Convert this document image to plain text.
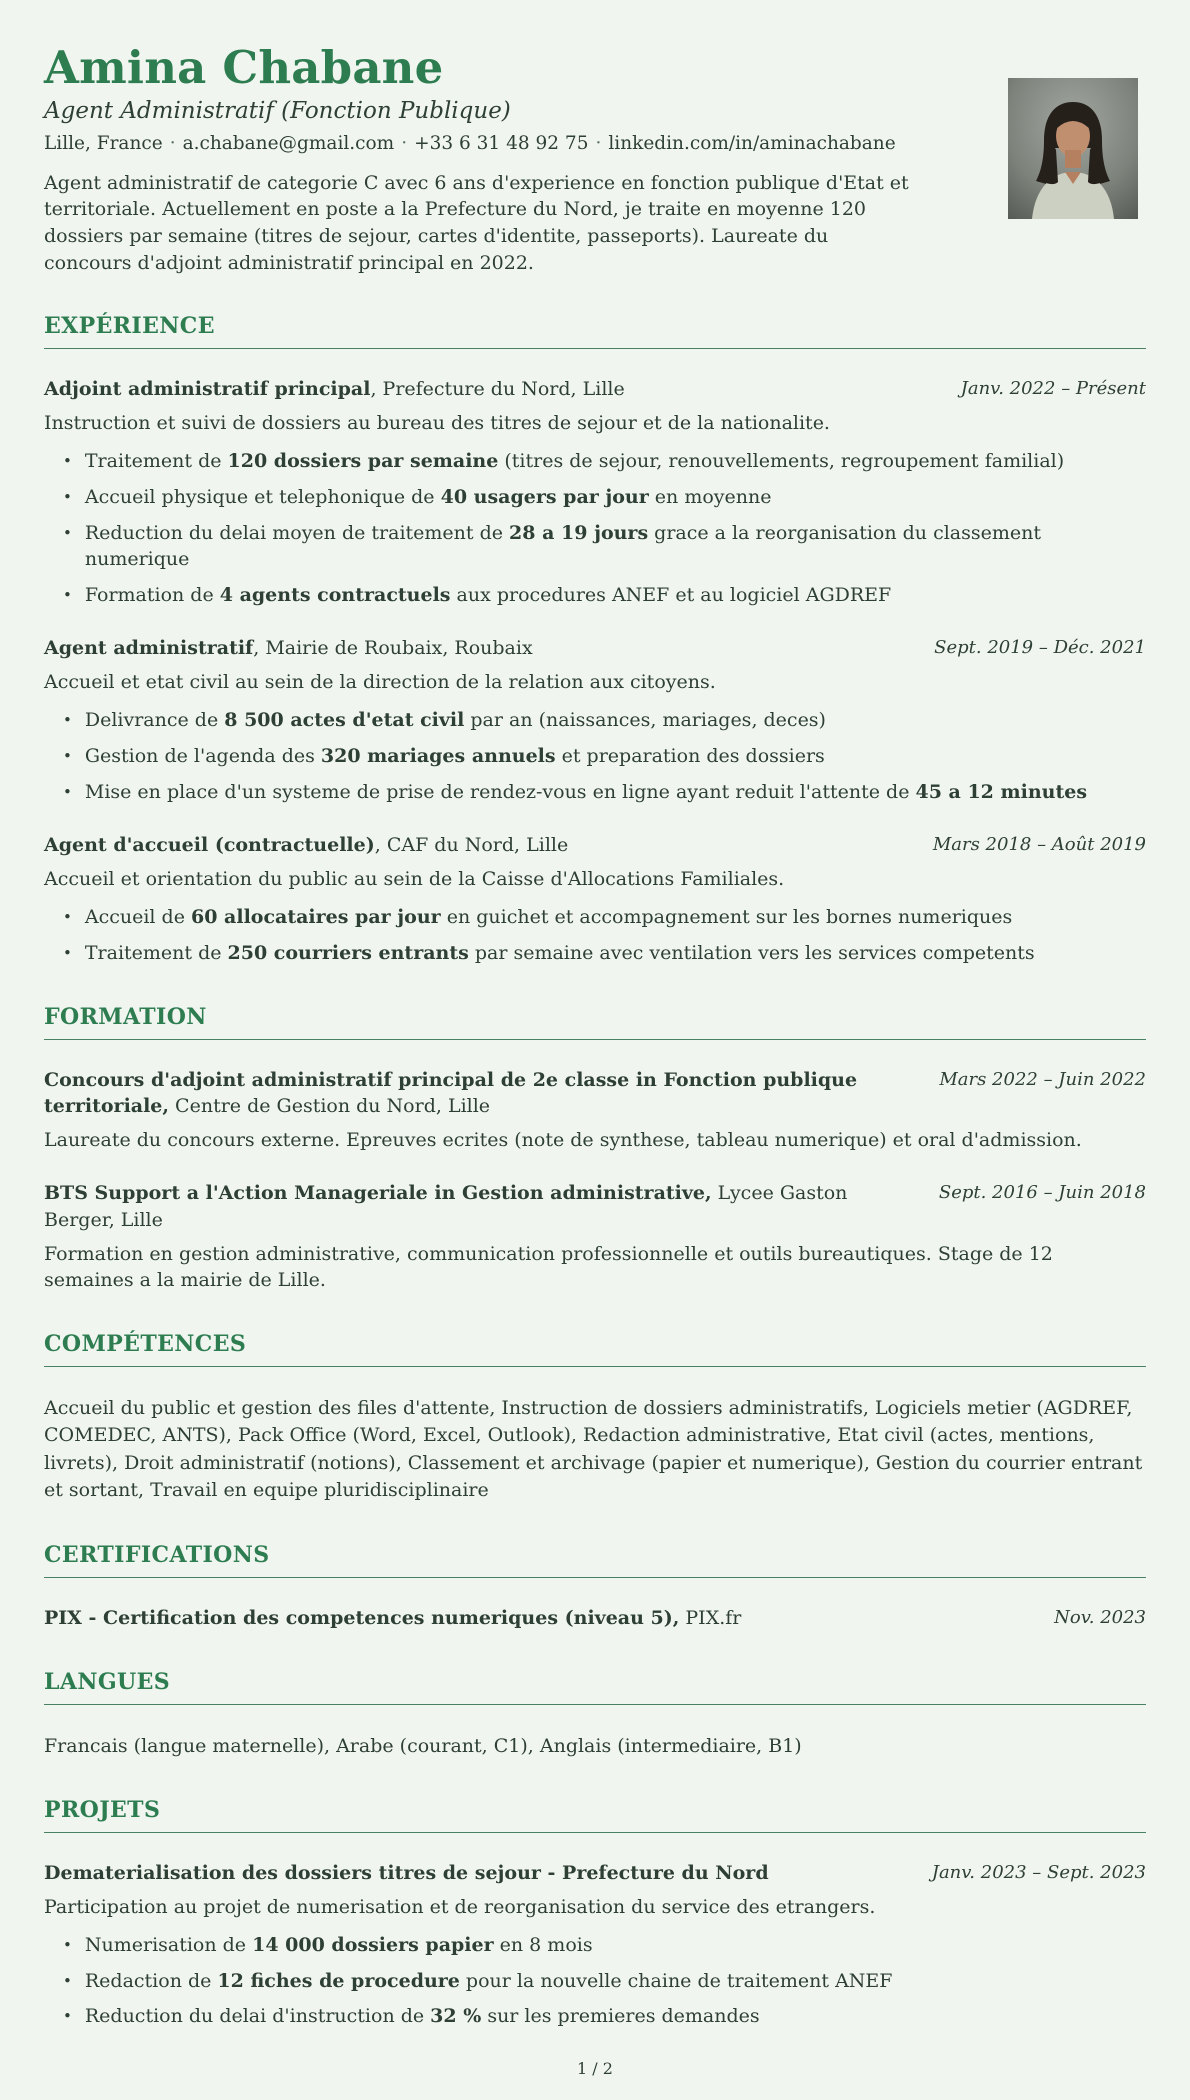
Amina Chabane
Agent Administratif (Fonction Publique)
Lille, France · a.chabane@gmail.com · +33 6 31 48 92 75 · linkedin.com/in/aminachabane

Agent administratif de categorie C avec 6 ans d'experience en fonction publique d'Etat et territoriale. Actuellement en poste a la Prefecture du Nord, je traite en moyenne 120 dossiers par semaine (titres de sejour, cartes d'identite, passeports). Laureate du concours d'adjoint administratif principal en 2022.

EXPÉRIENCE
Adjoint administratif principal, Prefecture du Nord, Lille	Janv. 2022 – Présent

Instruction et suivi de dossiers au bureau des titres de sejour et de la nationalite.

• Traitement de 120 dossiers par semaine (titres de sejour, renouvellements, regroupement familial)
• Accueil physique et telephonique de 40 usagers par jour en moyenne
• Reduction du delai moyen de traitement de 28 a 19 jours grace a la reorganisation du classement numerique
• Formation de 4 agents contractuels aux procedures ANEF et au logiciel AGDREF
Agent administratif, Mairie de Roubaix, Roubaix	Sept. 2019 – Déc. 2021

Accueil et etat civil au sein de la direction de la relation aux citoyens.

• Delivrance de 8 500 actes d'etat civil par an (naissances, mariages, deces)
• Gestion de l'agenda des 320 mariages annuels et preparation des dossiers
• Mise en place d'un systeme de prise de rendez-vous en ligne ayant reduit l'attente de 45 a 12 minutes
Agent d'accueil (contractuelle), CAF du Nord, Lille	Mars 2018 – Août 2019

Accueil et orientation du public au sein de la Caisse d'Allocations Familiales.

• Accueil de 60 allocataires par jour en guichet et accompagnement sur les bornes numeriques
• Traitement de 250 courriers entrants par semaine avec ventilation vers les services competents
FORMATION
Concours d'adjoint administratif principal de 2e classe in Fonction publique territoriale, Centre de Gestion du Nord, Lille
Mars 2022 – Juin 2022

Laureate du concours externe. Epreuves ecrites (note de synthese, tableau numerique) et oral d'admission.

BTS Support a l'Action Manageriale in Gestion administrative, Lycee Gaston Berger, Lille
Sept. 2016 – Juin 2018

Formation en gestion administrative, communication professionnelle et outils bureautiques. Stage de 12 semaines a la mairie de Lille.

COMPÉTENCES

Accueil du public et gestion des files d'attente, Instruction de dossiers administratifs, Logiciels metier (AGDREF, COMEDEC, ANTS), Pack Office (Word, Excel, Outlook), Redaction administrative, Etat civil (actes, mentions, livrets), Droit administratif (notions), Classement et archivage (papier et numerique), Gestion du courrier entrant et sortant, Travail en equipe pluridisciplinaire

CERTIFICATIONS
PIX - Certification des competences numeriques (niveau 5), PIX.fr	Nov. 2023
LANGUES

Francais (langue maternelle), Arabe (courant, C1), Anglais (intermediaire, B1)

PROJETS
Dematerialisation des dossiers titres de sejour - Prefecture du Nord	Janv. 2023 – Sept. 2023

Participation au projet de numerisation et de reorganisation du service des etrangers.

• Numerisation de 14 000 dossiers papier en 8 mois
• Redaction de 12 fiches de procedure pour la nouvelle chaine de traitement ANEF
• Reduction du delai d'instruction de 32 % sur les premieres demandes
1 / 2
